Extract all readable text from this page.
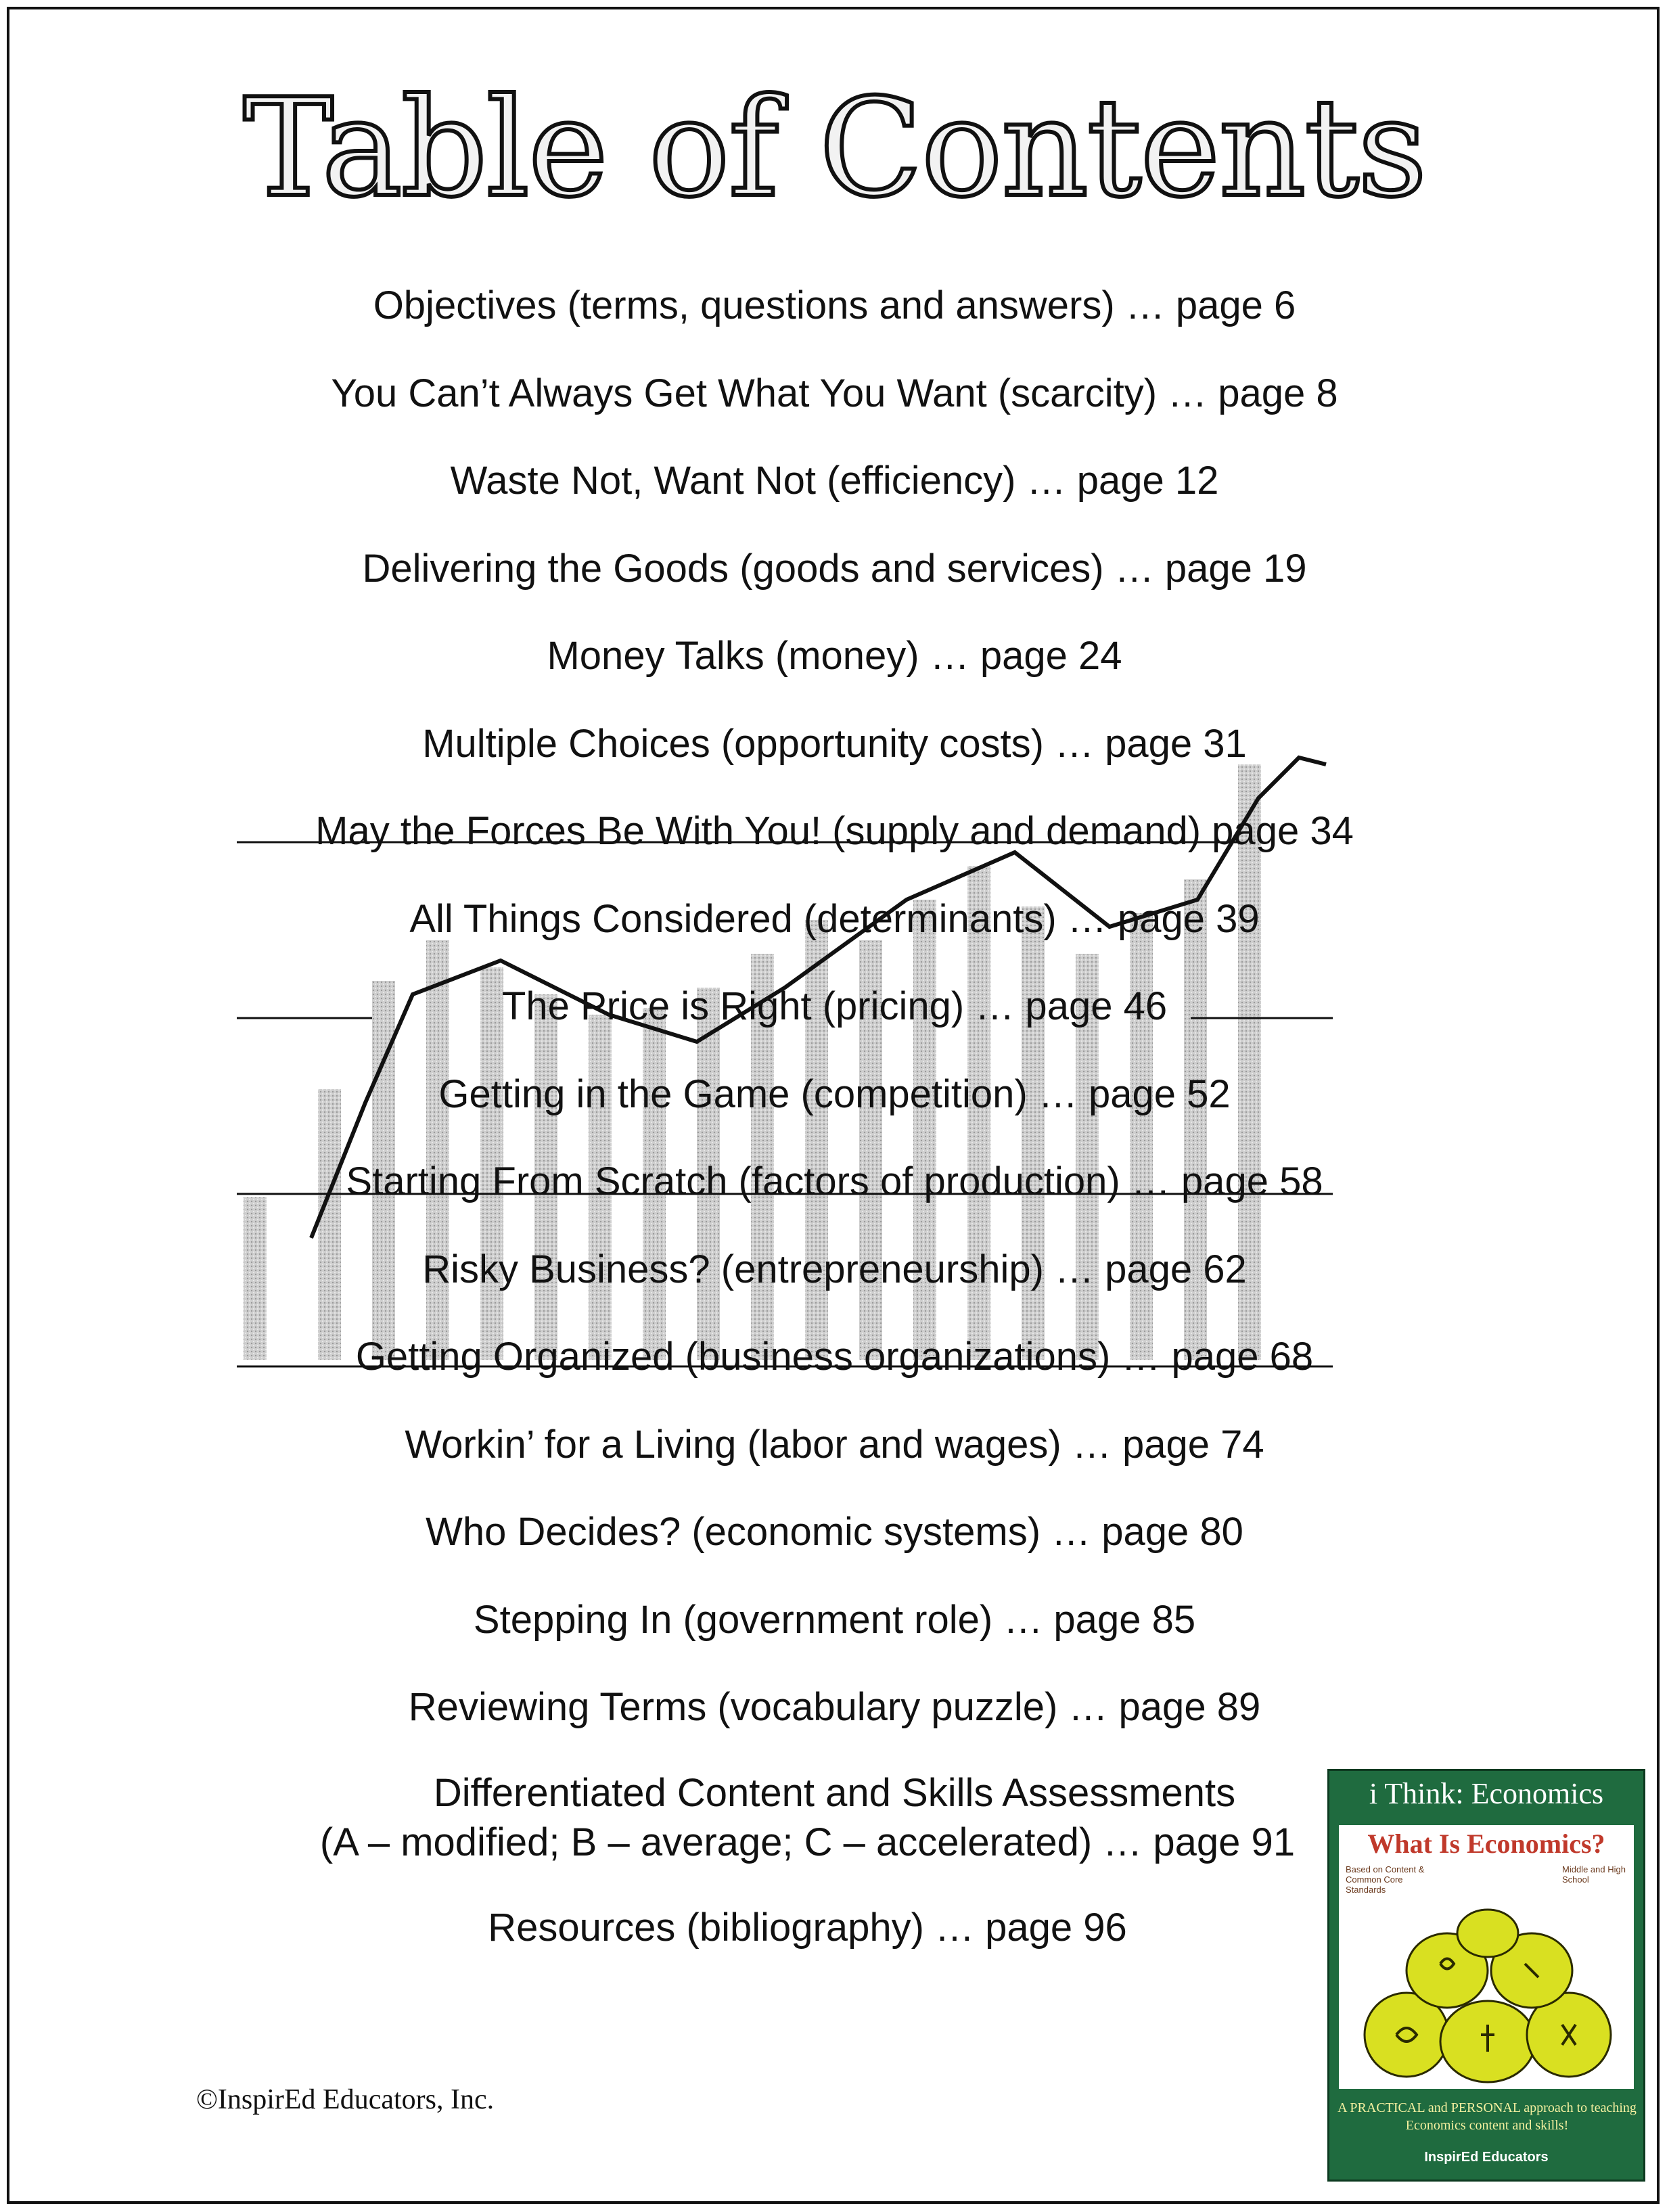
Table of Contents
Objectives (terms, questions and answers) … page 6
You Can’t Always Get What You Want (scarcity) … page 8
Waste Not, Want Not (efficiency) … page 12
Delivering the Goods (goods and services) … page 19
Money Talks (money) … page 24
Multiple Choices (opportunity costs) … page 31
May the Forces Be With You! (supply and demand) page 34
All Things Considered (determinants) … page 39
The Price is Right (pricing) … page 46
Getting in the Game (competition) … page 52
Starting From Scratch (factors of production) … page 58
Risky Business? (entrepreneurship) … page 62
Getting Organized (business organizations) … page 68
Workin’ for a Living (labor and wages) … page 74
Who Decides? (economic systems) … page 80
Stepping In (government role) … page 85
Reviewing Terms (vocabulary puzzle) … page 89
Differentiated Content and Skills Assessments
(A – modified; B – average; C – accelerated) … page 91
Resources (bibliography) … page 96
©InspirEd Educators, Inc.
i Think: Economics
What Is Economics?
Based on Content & Common Core Standards
Middle and High School
A PRACTICAL and PERSONAL approach to teaching Economics content and skills!
InspirEd Educators
